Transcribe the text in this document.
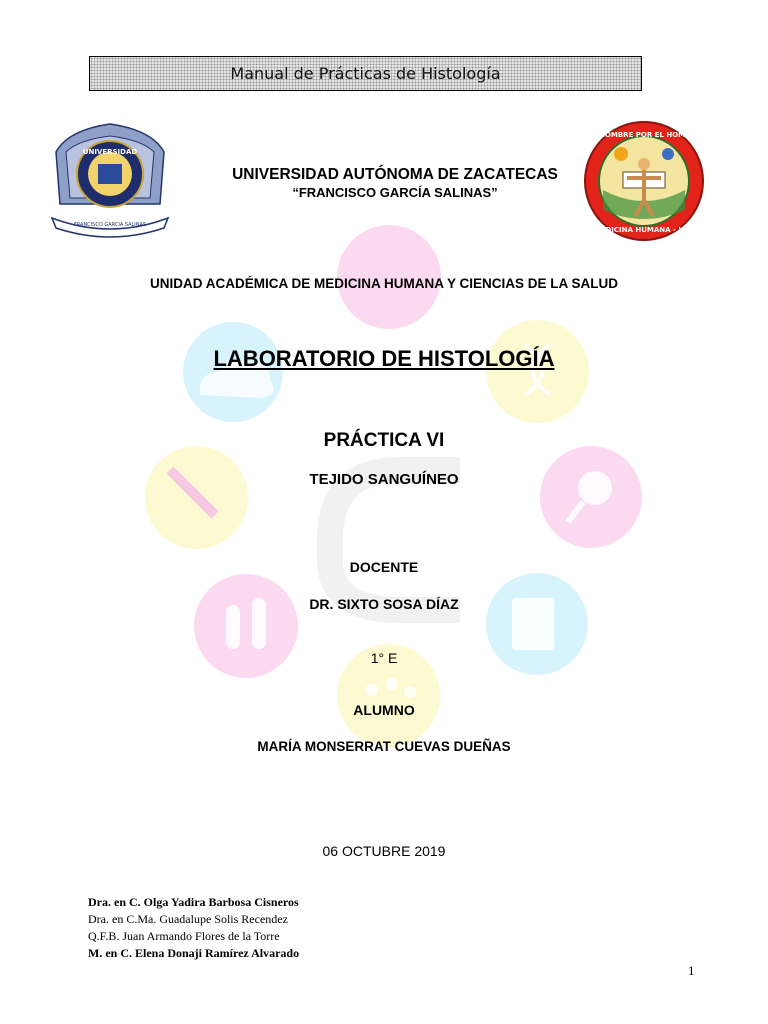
Manual de Prácticas de Histología
UNIVERSIDAD
FRANCISCO GARCIA SALINAS
EL HOMBRE POR EL HOMBRE
MEDICINA HUMANA - UAZ
UNIVERSIDAD AUTÓNOMA DE ZACATECAS
“FRANCISCO GARCÍA SALINAS”
UNIDAD ACADÉMICA DE MEDICINA HUMANA Y CIENCIAS DE LA SALUD
LABORATORIO DE HISTOLOGÍA
PRÁCTICA VI
TEJIDO SANGUÍNEO
DOCENTE
DR. SIXTO SOSA DÍAZ
1° E
ALUMNO
MARÍA MONSERRAT CUEVAS DUEÑAS
06 OCTUBRE 2019
Dra. en C. Olga Yadira Barbosa Cisneros
Dra. en C.Ma. Guadalupe Solis Recendez
Q.F.B. Juan Armando Flores de la Torre
M. en C. Elena Donaji Ramírez Alvarado
1
